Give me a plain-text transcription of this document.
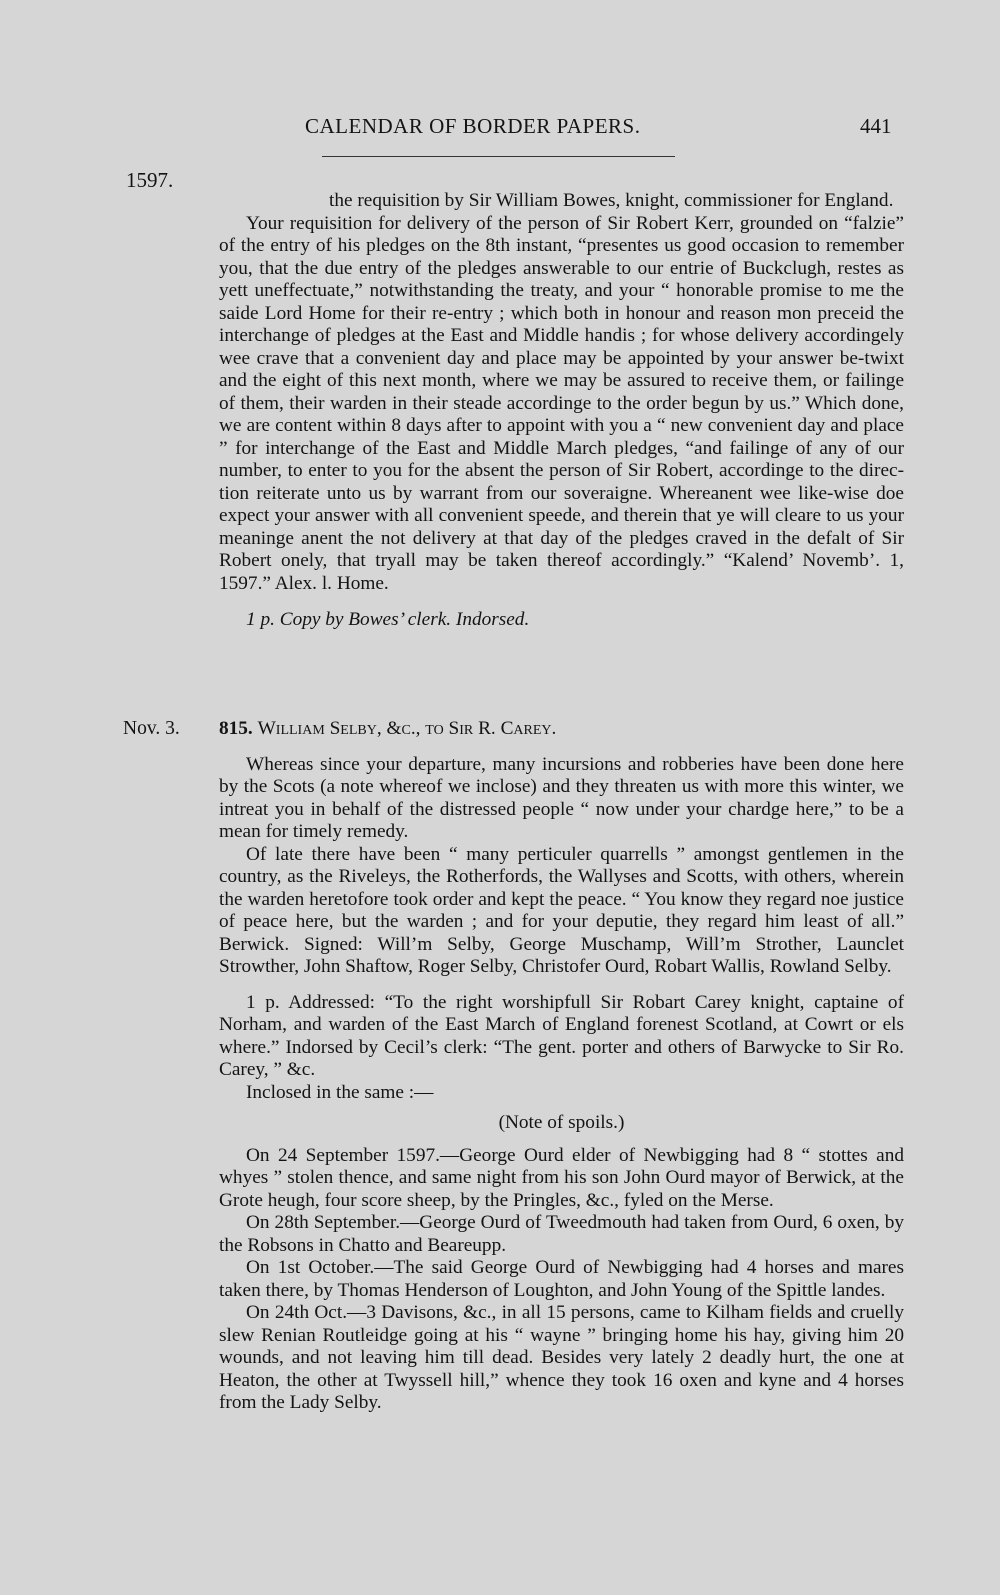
CALENDAR OF BORDER PAPERS.	441
1597.

the requisition by Sir William Bowes, knight, commissioner for England.

Your requisition for delivery of the person of Sir Robert Kerr, grounded on “falzie” of the entry of his pledges on the 8th instant, “presentes us good occasion to remember you, that the due entry of the pledges answerable to our entrie of Buckclugh, restes as yett uneffectuate,” notwithstanding the treaty, and your “ honorable promise to me the saide Lord Home for their re-entry ; which both in honour and reason mon preceid the interchange of pledges at the East and Middle handis ; for whose delivery accordingely wee crave that a convenient day and place may be appointed by your answer be-twixt and the eight of this next month, where we may be assured to receive them, or failinge of them, their warden in their steade accordinge to the order begun by us.” Which done, we are content within 8 days after to appoint with you a “ new convenient day and place ” for interchange of the East and Middle March pledges, “and failinge of any of our number, to enter to you for the absent the person of Sir Robert, accordinge to the direc-tion reiterate unto us by warrant from our soveraigne. Whereanent wee like-wise doe expect your answer with all convenient speede, and therein that ye will cleare to us your meaninge anent the not delivery at that day of the pledges craved in the defalt of Sir Robert onely, that tryall may be taken thereof accordingly.” “Kalend’ Novemb’. 1, 1597.” Alex. l. Home.

1 p. Copy by Bowes’ clerk. Indorsed.

Nov. 3. 815. William Selby, &c., to Sir R. Carey.

Whereas since your departure, many incursions and robberies have been done here by the Scots (a note whereof we inclose) and they threaten us with more this winter, we intreat you in behalf of the distressed people “ now under your chardge here,” to be a mean for timely remedy.

Of late there have been “ many perticuler quarrells ” amongst gentlemen in the country, as the Riveleys, the Rotherfords, the Wallyses and Scotts, with others, wherein the warden heretofore took order and kept the peace. “ You know they regard noe justice of peace here, but the warden ; and for your deputie, they regard him least of all.” Berwick. Signed: Will’m Selby, George Muschamp, Will’m Strother, Launclet Strowther, John Shaftow, Roger Selby, Christofer Ourd, Robart Wallis, Rowland Selby.

1 p. Addressed: “To the right worshipfull Sir Robart Carey knight, captaine of Norham, and warden of the East March of England forenest Scotland, at Cowrt or els where.” Indorsed by Cecil’s clerk: “The gent. porter and others of Barwycke to Sir Ro. Carey, ” &c.

Inclosed in the same :—

(Note of spoils.)

On 24 September 1597.—George Ourd elder of Newbigging had 8 “ stottes and whyes ” stolen thence, and same night from his son John Ourd mayor of Berwick, at the Grote heugh, four score sheep, by the Pringles, &c., fyled on the Merse.

On 28th September.—George Ourd of Tweedmouth had taken from Ourd, 6 oxen, by the Robsons in Chatto and Beareupp.

On 1st October.—The said George Ourd of Newbigging had 4 horses and mares taken there, by Thomas Henderson of Loughton, and John Young of the Spittle landes.

On 24th Oct.—3 Davisons, &c., in all 15 persons, came to Kilham fields and cruelly slew Renian Routleidge going at his “ wayne ” bringing home his hay, giving him 20 wounds, and not leaving him till dead. Besides very lately 2 deadly hurt, the one at Heaton, the other at Twyssell hill,” whence they took 16 oxen and kyne and 4 horses from the Lady Selby.
